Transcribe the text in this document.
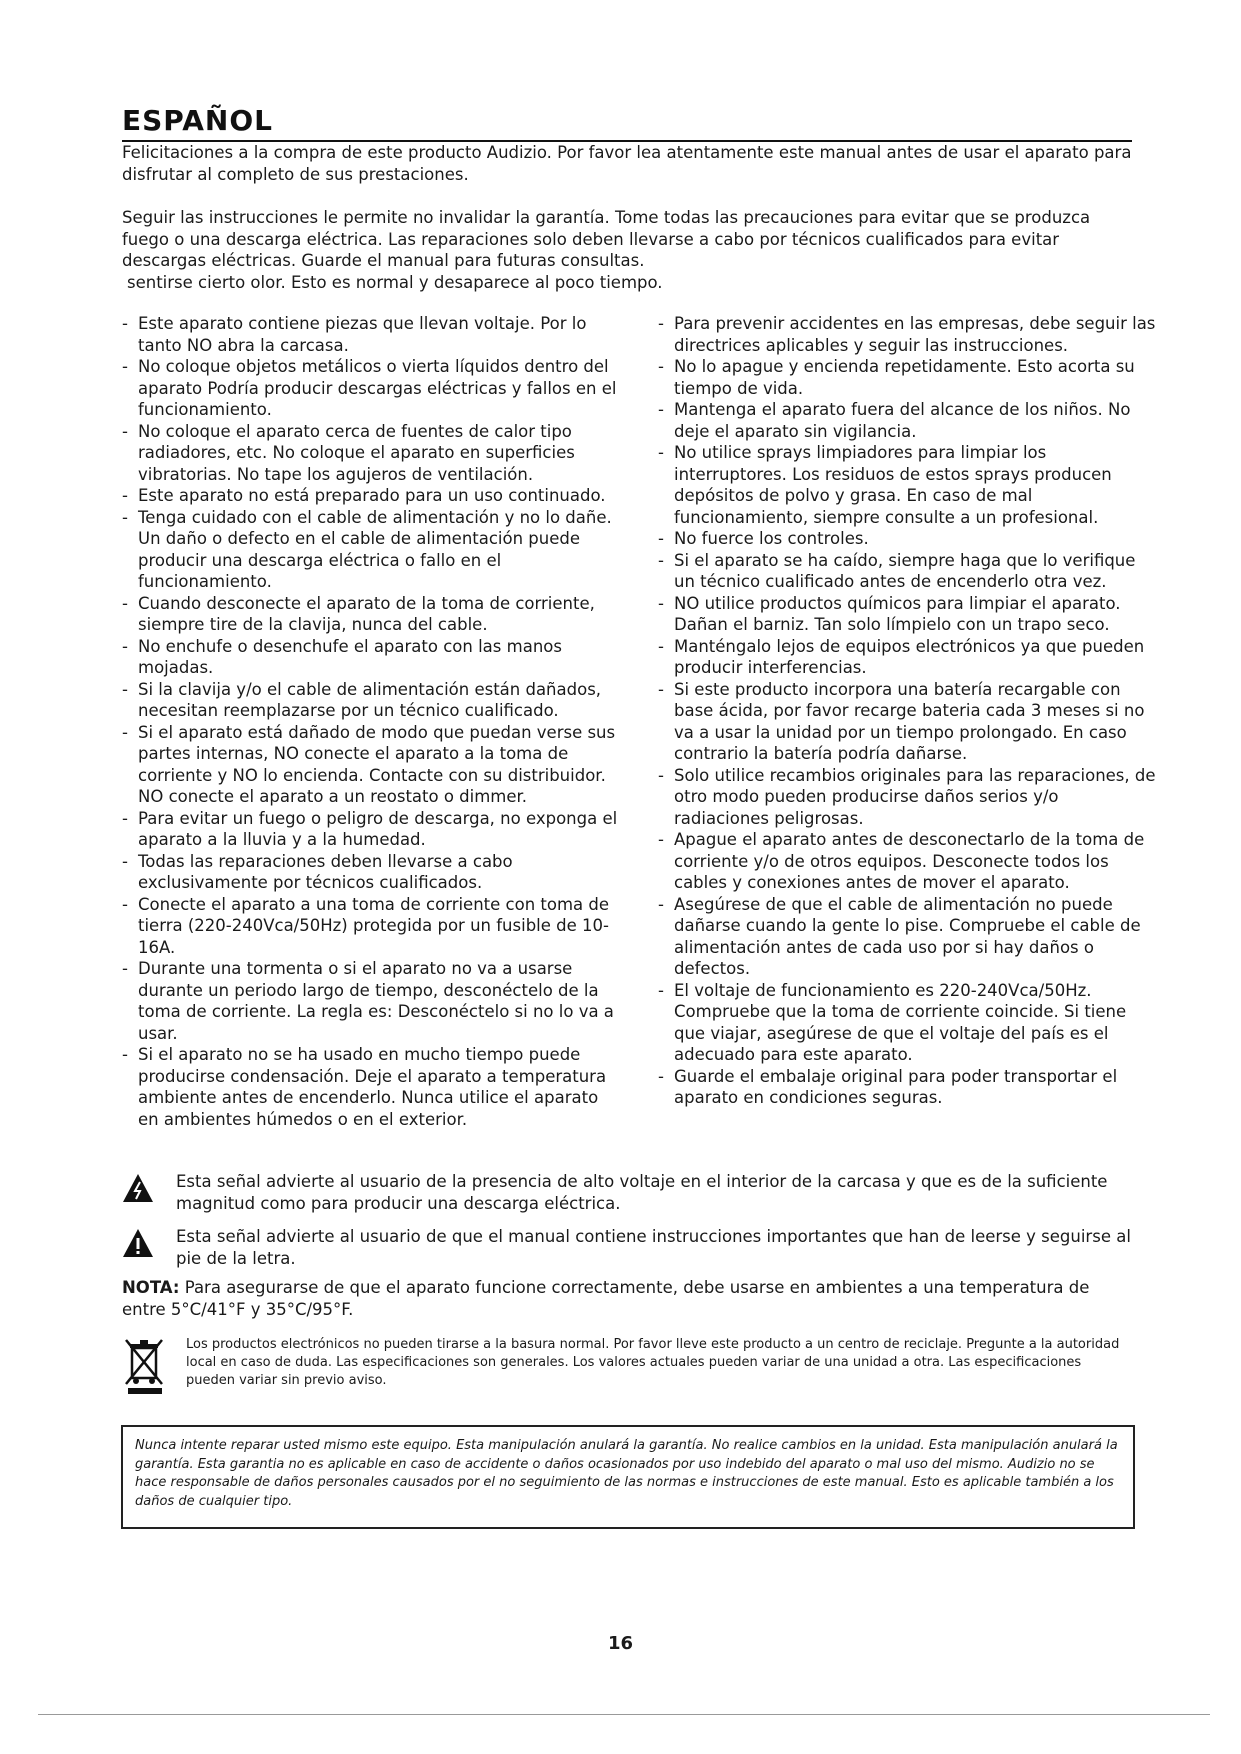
ESPAÑOL

Felicitaciones a la compra de este producto Audizio. Por favor lea atentamente este manual antes de usar el aparato para disfrutar al completo de sus prestaciones.

Seguir las instrucciones le permite no invalidar la garantía. Tome todas las precauciones para evitar que se produzca fuego o una descarga eléctrica. Las reparaciones solo deben llevarse a cabo por técnicos cualificados para evitar descargas eléctricas. Guarde el manual para futuras consultas.

sentirse cierto olor. Esto es normal y desaparece al poco tiempo.

- Este aparato contiene piezas que llevan voltaje. Por lo tanto NO abra la carcasa.
- No coloque objetos metálicos o vierta líquidos dentro del aparato Podría producir descargas eléctricas y fallos en el funcionamiento.
- No coloque el aparato cerca de fuentes de calor tipo radiadores, etc. No coloque el aparato en superficies vibratorias. No tape los agujeros de ventilación.
- Este aparato no está preparado para un uso continuado.
- Tenga cuidado con el cable de alimentación y no lo dañe. Un daño o defecto en el cable de alimentación puede producir una descarga eléctrica o fallo en el funcionamiento.
- Cuando desconecte el aparato de la toma de corriente, siempre tire de la clavija, nunca del cable.
- No enchufe o desenchufe el aparato con las manos mojadas.
- Si la clavija y/o el cable de alimentación están dañados, necesitan reemplazarse por un técnico cualificado.
- Si el aparato está dañado de modo que puedan verse sus partes internas, NO conecte el aparato a la toma de corriente y NO lo encienda. Contacte con su distribuidor. NO conecte el aparato a un reostato o dimmer.
- Para evitar un fuego o peligro de descarga, no exponga el aparato a la lluvia y a la humedad.
- Todas las reparaciones deben llevarse a cabo exclusivamente por técnicos cualificados.
- Conecte el aparato a una toma de corriente con toma de tierra (220-240Vca/50Hz) protegida por un fusible de 10-16A.
- Durante una tormenta o si el aparato no va a usarse durante un periodo largo de tiempo, desconéctelo de la toma de corriente. La regla es: Desconéctelo si no lo va a usar.
- Si el aparato no se ha usado en mucho tiempo puede producirse condensación. Deje el aparato a temperatura ambiente antes de encenderlo. Nunca utilice el aparato en ambientes húmedos o en el exterior.
- Para prevenir accidentes en las empresas, debe seguir las directrices aplicables y seguir las instrucciones.
- No lo apague y encienda repetidamente. Esto acorta su tiempo de vida.
- Mantenga el aparato fuera del alcance de los niños. No deje el aparato sin vigilancia.
- No utilice sprays limpiadores para limpiar los interruptores. Los residuos de estos sprays producen depósitos de polvo y grasa. En caso de mal funcionamiento, siempre consulte a un profesional.
- No fuerce los controles.
- Si el aparato se ha caído, siempre haga que lo verifique un técnico cualificado antes de encenderlo otra vez.
- NO utilice productos químicos para limpiar el aparato. Dañan el barniz. Tan solo límpielo con un trapo seco.
- Manténgalo lejos de equipos electrónicos ya que pueden producir interferencias.
- Si este producto incorpora una batería recargable con base ácida, por favor recarge bateria cada 3 meses si no va a usar la unidad por un tiempo prolongado. En caso contrario la batería podría dañarse.
- Solo utilice recambios originales para las reparaciones, de otro modo pueden producirse daños serios y/o radiaciones peligrosas.
- Apague el aparato antes de desconectarlo de la toma de corriente y/o de otros equipos. Desconecte todos los cables y conexiones antes de mover el aparato.
- Asegúrese de que el cable de alimentación no puede dañarse cuando la gente lo pise. Compruebe el cable de alimentación antes de cada uso por si hay daños o defectos.
- El voltaje de funcionamiento es 220-240Vca/50Hz. Compruebe que la toma de corriente coincide. Si tiene que viajar, asegúrese de que el voltaje del país es el adecuado para este aparato.
- Guarde el embalaje original para poder transportar el aparato en condiciones seguras.
Esta señal advierte al usuario de la presencia de alto voltaje en el interior de la carcasa y que es de la suficiente magnitud como para producir una descarga eléctrica.
Esta señal advierte al usuario de que el manual contiene instrucciones importantes que han de leerse y seguirse al pie de la letra.
NOTA: Para asegurarse de que el aparato funcione correctamente, debe usarse en ambientes a una temperatura de entre 5°C/41°F y 35°C/95°F.
Los productos electrónicos no pueden tirarse a la basura normal. Por favor lleve este producto a un centro de reciclaje. Pregunte a la autoridad local en caso de duda. Las especificaciones son generales. Los valores actuales pueden variar de una unidad a otra. Las especificaciones pueden variar sin previo aviso.
Nunca intente reparar usted mismo este equipo. Esta manipulación anulará la garantía. No realice cambios en la unidad. Esta manipulación anulará la garantía. Esta garantia no es aplicable en caso de accidente o daños ocasionados por uso indebido del aparato o mal uso del mismo. Audizio no se hace responsable de daños personales causados por el no seguimiento de las normas e instrucciones de este manual. Esto es aplicable también a los daños de cualquier tipo.
16
